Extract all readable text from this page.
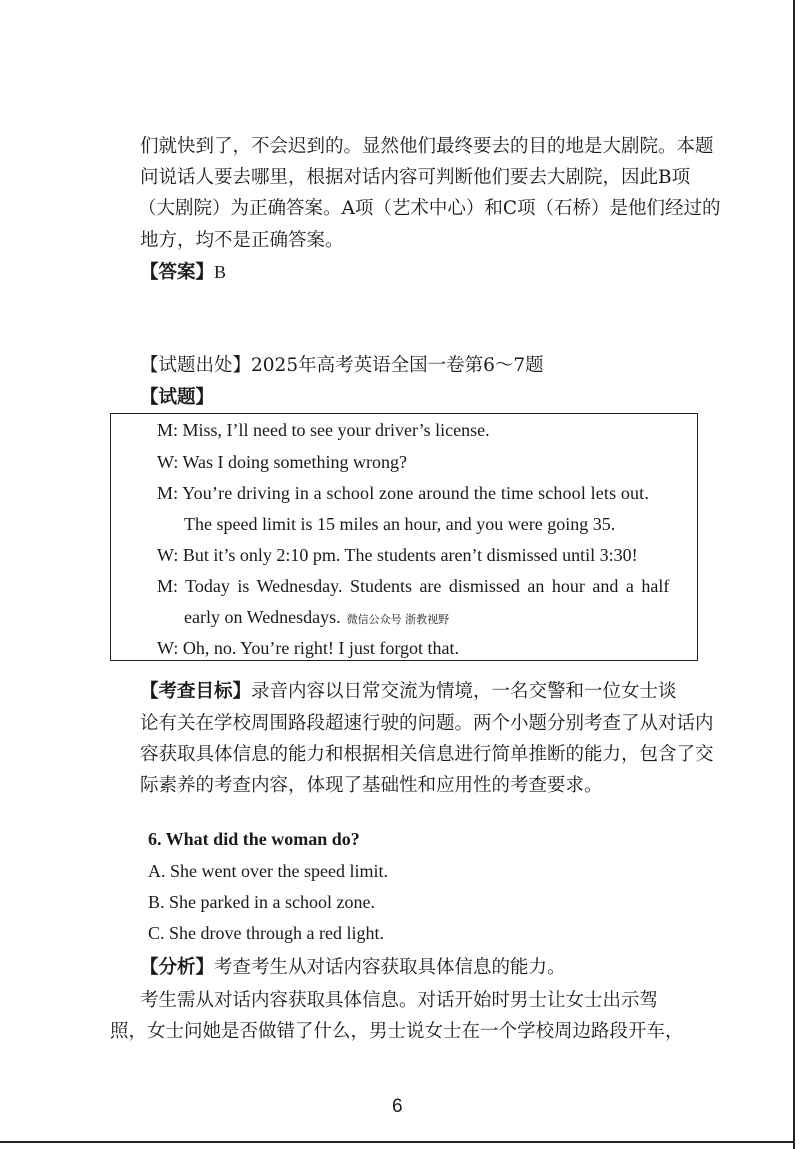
们就快到了，不会迟到的。显然他们最终要去的目的地是大剧院。本题
问说话人要去哪里，根据对话内容可判断他们要去大剧院，因此B项
（大剧院）为正确答案。A项（艺术中心）和C项（石桥）是他们经过的
地方，均不是正确答案。
【答案】B
【试题出处】2025年高考英语全国一卷第6～7题
【试题】
M: Miss, I’ll need to see your driver’s license.
W: Was I doing something wrong?
M: You’re driving in a school zone around the time school lets out.
The speed limit is 15 miles an hour, and you were going 35.
W: But it’s only 2:10 pm. The students aren’t dismissed until 3:30!
M: Today is Wednesday. Students are dismissed an hour and a half
early on Wednesdays. 微信公众号 浙教视野
W: Oh, no. You’re right! I just forgot that.
【考查目标】录音内容以日常交流为情境，一名交警和一位女士谈
论有关在学校周围路段超速行驶的问题。两个小题分别考查了从对话内
容获取具体信息的能力和根据相关信息进行简单推断的能力，包含了交
际素养的考查内容，体现了基础性和应用性的考查要求。
6. What did the woman do?
A. She went over the speed limit.
B. She parked in a school zone.
C. She drove through a red light.
【分析】考查考生从对话内容获取具体信息的能力。
考生需从对话内容获取具体信息。对话开始时男士让女士出示驾
照，女士问她是否做错了什么，男士说女士在一个学校周边路段开车，
6
